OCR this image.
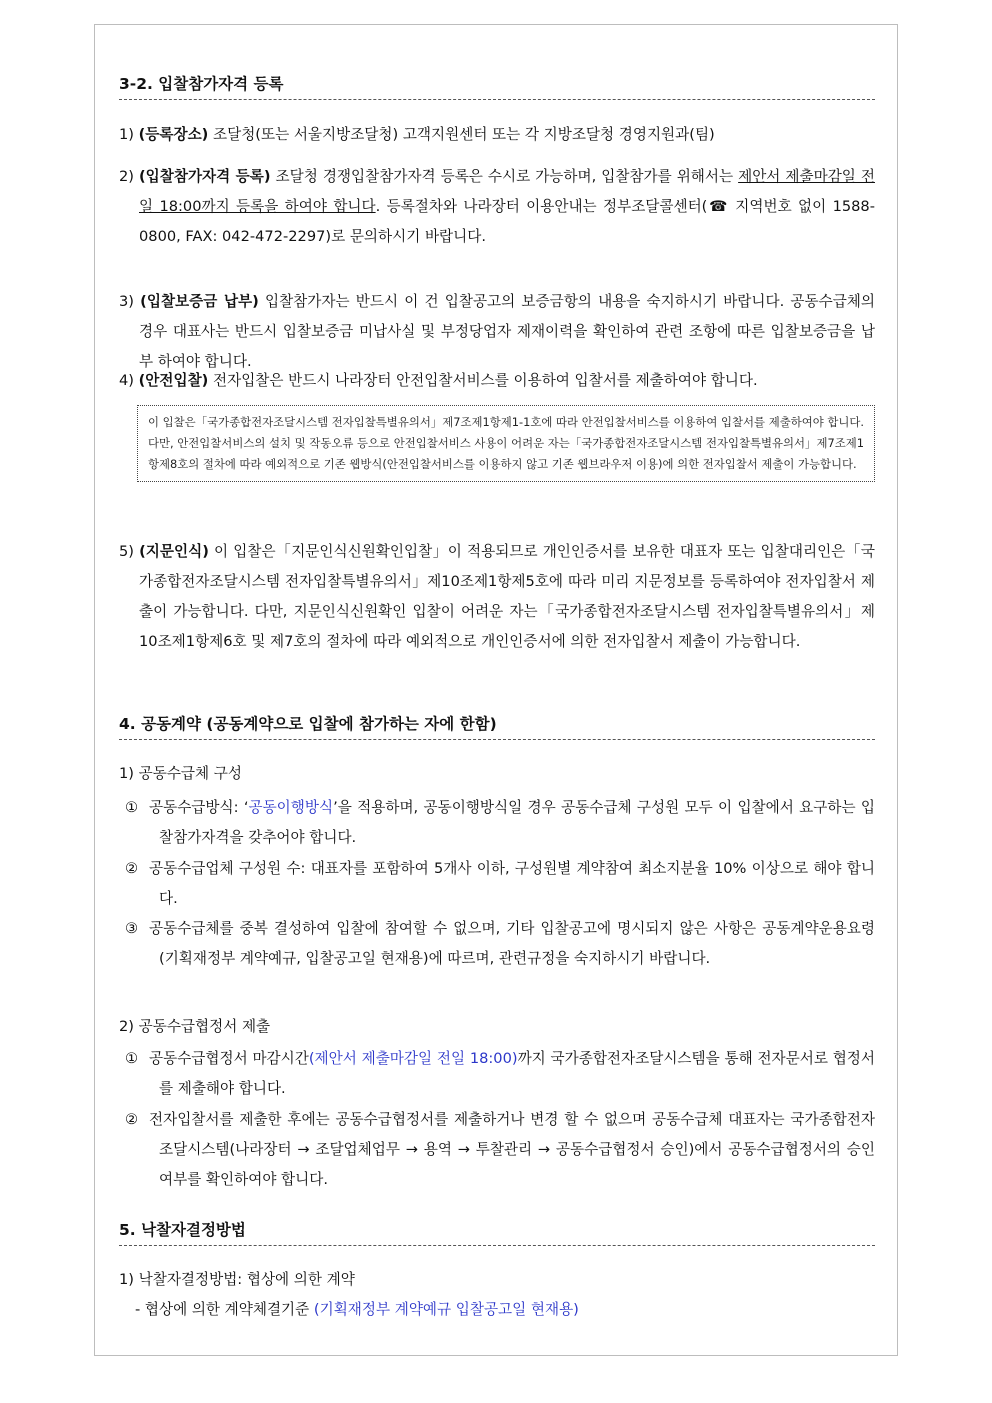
3-2. 입찰참가자격 등록

1) (등록장소) 조달청(또는 서울지방조달청) 고객지원센터 또는 각 지방조달청 경영지원과(팀)

2) (입찰참가자격 등록) 조달청 경쟁입찰참가자격 등록은 수시로 가능하며, 입찰참가를 위해서는 제안서 제출마감일 전일 18:00까지 등록을 하여야 합니다. 등록절차와 나라장터 이용안내는 정부조달콜센터(☎ 지역번호 없이 1588-0800, FAX: 042-472-2297)로 문의하시기 바랍니다.

3) (입찰보증금 납부) 입찰참가자는 반드시 이 건 입찰공고의 보증금항의 내용을 숙지하시기 바랍니다. 공동수급체의 경우 대표사는 반드시 입찰보증금 미납사실 및 부정당업자 제재이력을 확인하여 관련 조항에 따른 입찰보증금을 납부 하여야 합니다.

4) (안전입찰) 전자입찰은 반드시 나라장터 안전입찰서비스를 이용하여 입찰서를 제출하여야 합니다.

이 입찰은「국가종합전자조달시스템 전자입찰특별유의서」제7조제1항제1-1호에 따라 안전입찰서비스를 이용하여 입찰서를 제출하여야 합니다. 다만, 안전입찰서비스의 설치 및 작동오류 등으로 안전입찰서비스 사용이 어려운 자는「국가종합전자조달시스템 전자입찰특별유의서」제7조제1항제8호의 절차에 따라 예외적으로 기존 웹방식(안전입찰서비스를 이용하지 않고 기존 웹브라우저 이용)에 의한 전자입찰서 제출이 가능합니다.

5) (지문인식) 이 입찰은「지문인식신원확인입찰」이 적용되므로 개인인증서를 보유한 대표자 또는 입찰대리인은「국가종합전자조달시스템 전자입찰특별유의서」제10조제1항제5호에 따라 미리 지문정보를 등록하여야 전자입찰서 제출이 가능합니다. 다만, 지문인식신원확인 입찰이 어려운 자는「국가종합전자조달시스템 전자입찰특별유의서」제10조제1항제6호 및 제7호의 절차에 따라 예외적으로 개인인증서에 의한 전자입찰서 제출이 가능합니다.

4. 공동계약 (공동계약으로 입찰에 참가하는 자에 한함)

1) 공동수급체 구성

① 공동수급방식: ‘공동이행방식’을 적용하며, 공동이행방식일 경우 공동수급체 구성원 모두 이 입찰에서 요구하는 입찰참가자격을 갖추어야 합니다.

② 공동수급업체 구성원 수: 대표자를 포함하여 5개사 이하, 구성원별 계약참여 최소지분율 10% 이상으로 해야 합니다.

③ 공동수급체를 중복 결성하여 입찰에 참여할 수 없으며, 기타 입찰공고에 명시되지 않은 사항은 공동계약운용요령(기획재정부 계약예규, 입찰공고일 현재용)에 따르며, 관련규정을 숙지하시기 바랍니다.

2) 공동수급협정서 제출

① 공동수급협정서 마감시간(제안서 제출마감일 전일 18:00)까지 국가종합전자조달시스템을 통해 전자문서로 협정서를 제출해야 합니다.

② 전자입찰서를 제출한 후에는 공동수급협정서를 제출하거나 변경 할 수 없으며 공동수급체 대표자는 국가종합전자조달시스템(나라장터 → 조달업체업무 → 용역 → 투찰관리 → 공동수급협정서 승인)에서 공동수급협정서의 승인여부를 확인하여야 합니다.

5. 낙찰자결정방법

1) 낙찰자결정방법: 협상에 의한 계약

- 협상에 의한 계약체결기준 (기획재정부 계약예규 입찰공고일 현재용)
